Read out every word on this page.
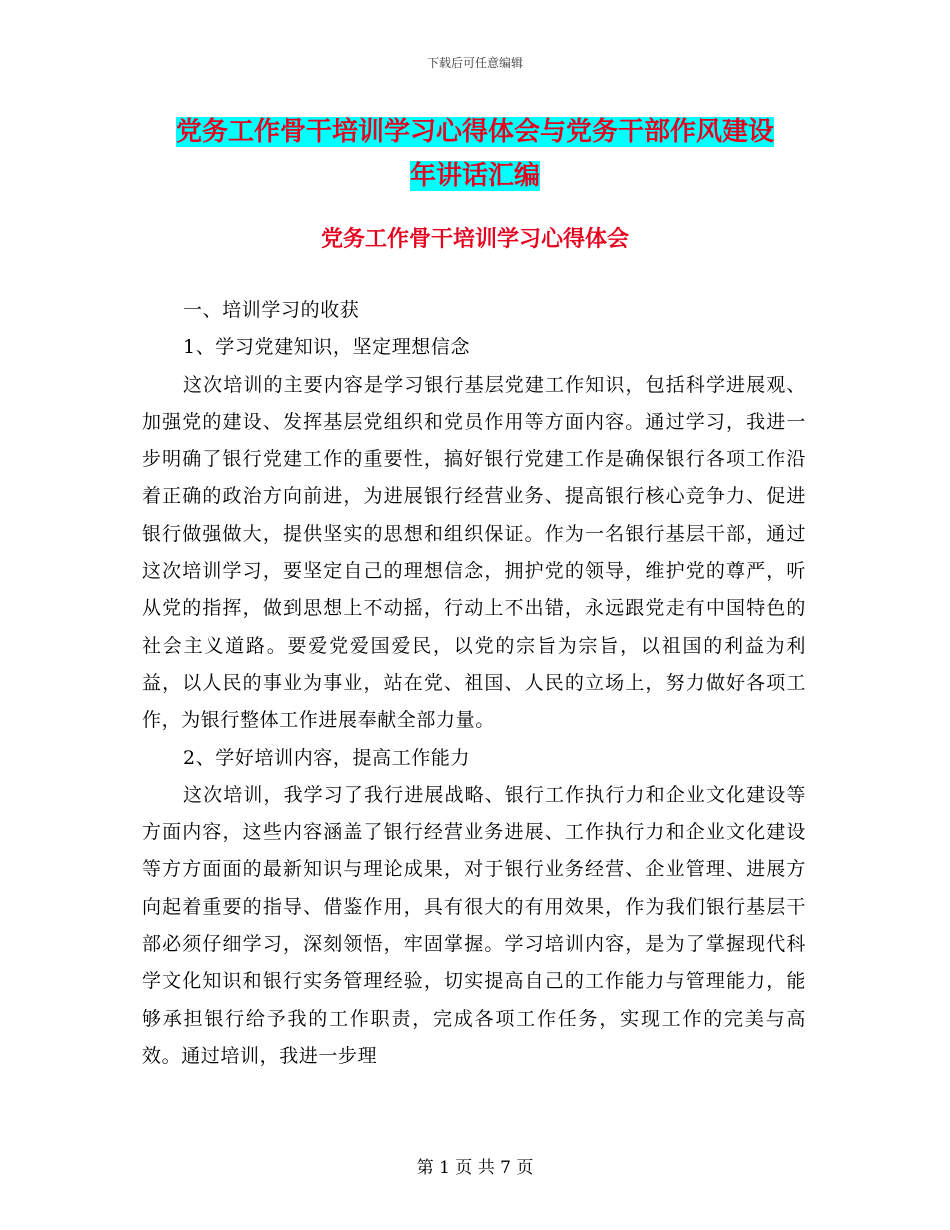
下载后可任意编辑
党务工作骨干培训学习心得体会与党务干部作风建设
年讲话汇编
党务工作骨干培训学习心得体会

一、培训学习的收获

1、学习党建知识，坚定理想信念

这次培训的主要内容是学习银行基层党建工作知识，包括科学进展观、加强党的建设、发挥基层党组织和党员作用等方面内容。通过学习，我进一步明确了银行党建工作的重要性，搞好银行党建工作是确保银行各项工作沿着正确的政治方向前进，为进展银行经营业务、提高银行核心竞争力、促进银行做强做大，提供坚实的思想和组织保证。作为一名银行基层干部，通过这次培训学习，要坚定自己的理想信念，拥护党的领导，维护党的尊严，听从党的指挥，做到思想上不动摇，行动上不出错，永远跟党走有中国特色的社会主义道路。要爱党爱国爱民，以党的宗旨为宗旨，以祖国的利益为利益，以人民的事业为事业，站在党、祖国、人民的立场上，努力做好各项工作，为银行整体工作进展奉献全部力量。

2、学好培训内容，提高工作能力

这次培训，我学习了我行进展战略、银行工作执行力和企业文化建设等方面内容，这些内容涵盖了银行经营业务进展、工作执行力和企业文化建设等方方面面的最新知识与理论成果，对于银行业务经营、企业管理、进展方向起着重要的指导、借鉴作用，具有很大的有用效果，作为我们银行基层干部必须仔细学习，深刻领悟，牢固掌握。学习培训内容，是为了掌握现代科学文化知识和银行实务管理经验，切实提高自己的工作能力与管理能力，能够承担银行给予我的工作职责，完成各项工作任务，实现工作的完美与高效。通过培训，我进一步理

第 1 页 共 7 页
